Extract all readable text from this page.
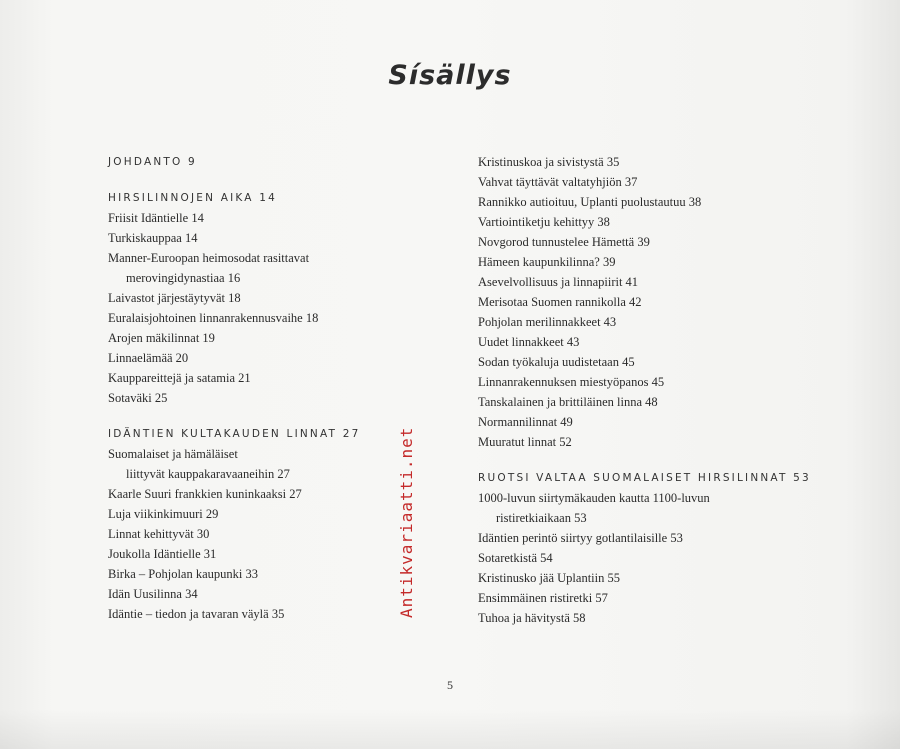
Sísällys
JOHDANTO 9
HIRSILINNOJEN AIKA 14
Friisit Idäntielle 14
Turkiskauppaa 14
Manner-Euroopan heimosodat rasittavat
merovingidynastiaa 16
Laivastot järjestäytyvät 18
Euralaisjohtoinen linnanrakennusvaihe 18
Arojen mäkilinnat 19
Linnaelämää 20
Kauppareittejä ja satamia 21
Sotaväki 25
IDÄNTIEN KULTAKAUDEN LINNAT 27
Suomalaiset ja hämäläiset
liittyvät kauppakaravaaneihin 27
Kaarle Suuri frankkien kuninkaaksi 27
Luja viikinkimuuri 29
Linnat kehittyvät 30
Joukolla Idäntielle 31
Birka – Pohjolan kaupunki 33
Idän Uusilinna 34
Idäntie – tiedon ja tavaran väylä 35
Kristinuskoa ja sivistystä 35
Vahvat täyttävät valtatyhjiön 37
Rannikko autioituu, Uplanti puolustautuu 38
Vartiointiketju kehittyy 38
Novgorod tunnustelee Hämettä 39
Hämeen kaupunkilinna? 39
Asevelvollisuus ja linnapiirit 41
Merisotaa Suomen rannikolla 42
Pohjolan merilinnakkeet 43
Uudet linnakkeet 43
Sodan työkaluja uudistetaan 45
Linnanrakennuksen miestyöpanos 45
Tanskalainen ja brittiläinen linna 48
Normannilinnat 49
Muuratut linnat 52
RUOTSI VALTAA SUOMALAISET HIRSILINNAT 53
1000-luvun siirtymäkauden kautta 1100-luvun
ristiretkiaikaan 53
Idäntien perintö siirtyy gotlantilaisille 53
Sotaretkistä 54
Kristinusko jää Uplantiin 55
Ensimmäinen ristiretki 57
Tuhoa ja hävitystä 58
Antikvariaatti.net
5
